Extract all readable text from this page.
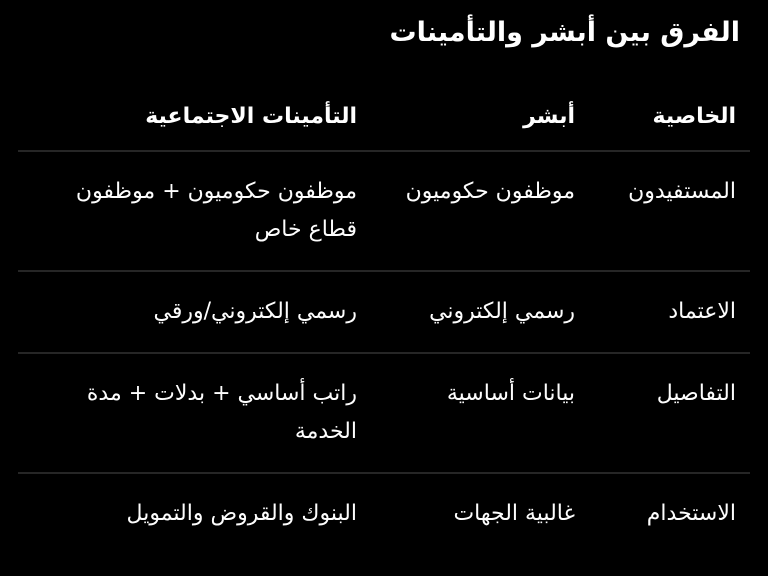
الفرق بين أبشر والتأمينات
الخاصية
أبشر
التأمينات الاجتماعية
المستفيدون
موظفون حكوميون
موظفون حكوميون + موظفون قطاع خاص
الاعتماد
رسمي إلكتروني
رسمي إلكتروني/ورقي
التفاصيل
بيانات أساسية
راتب أساسي + بدلات + مدة الخدمة
الاستخدام
غالبية الجهات
البنوك والقروض والتمويل
